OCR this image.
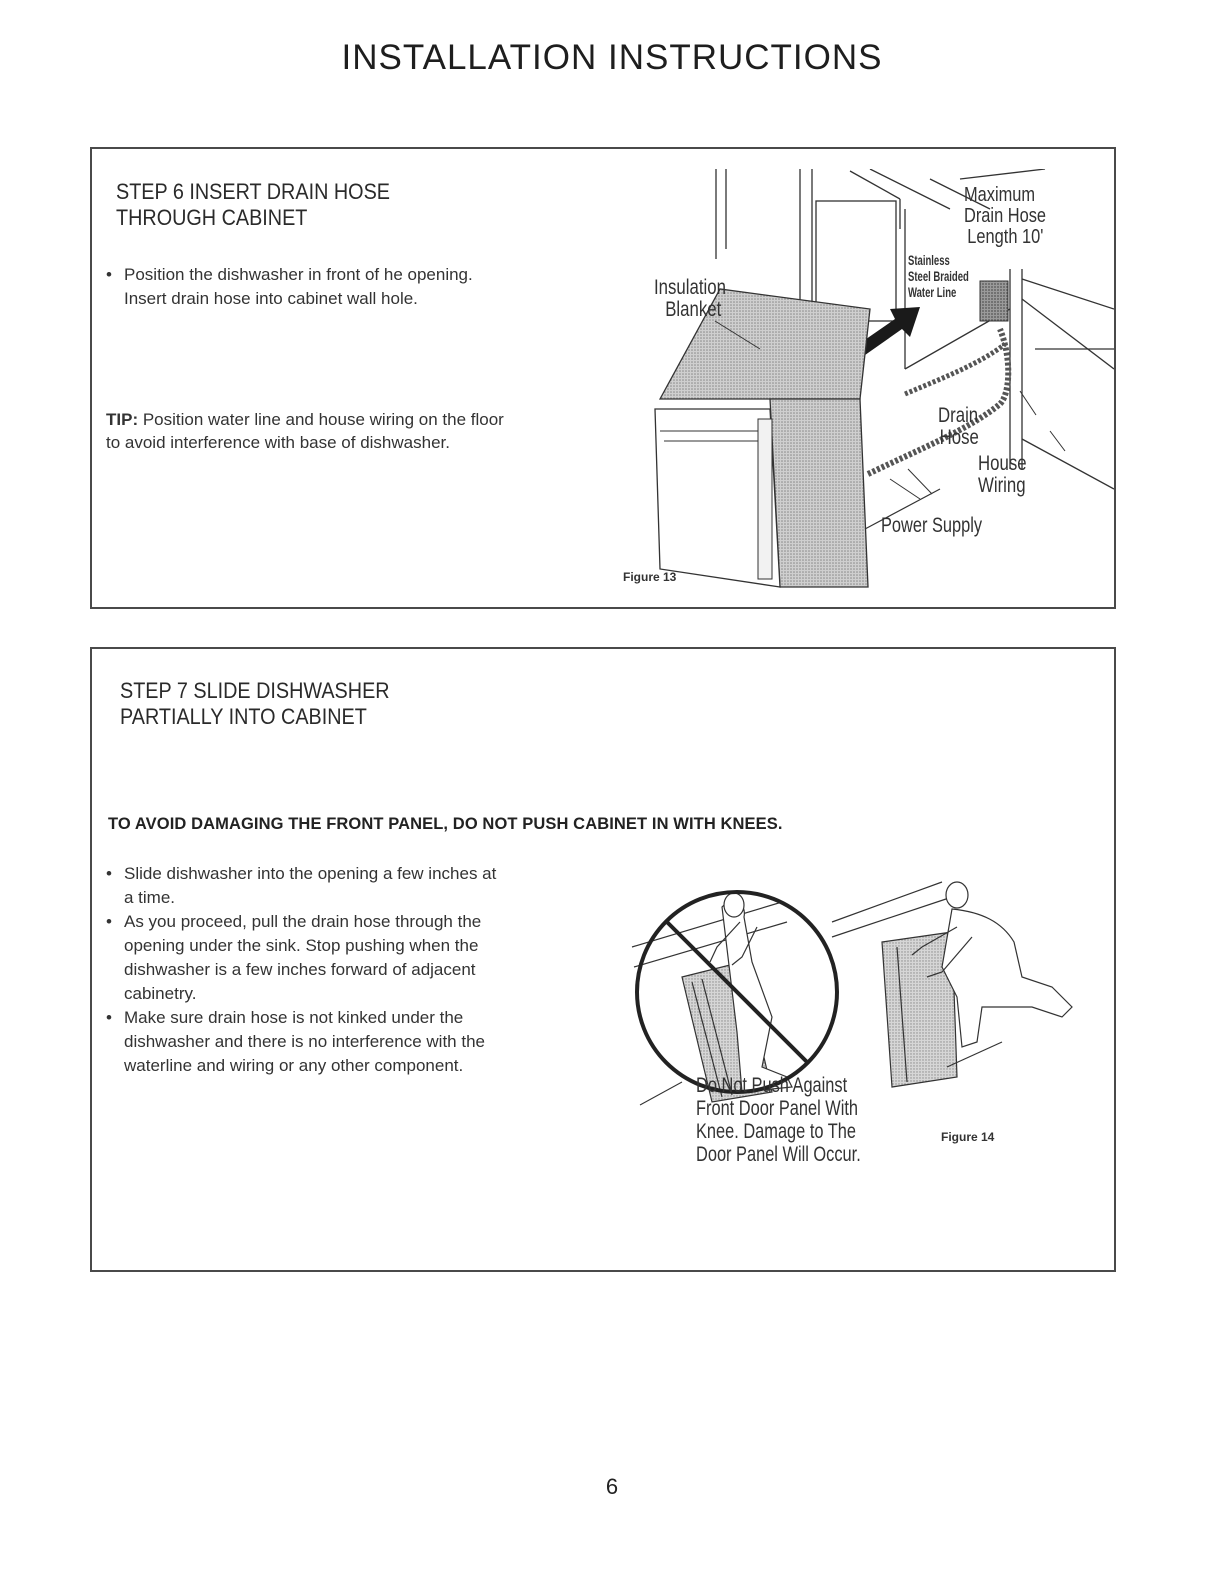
INSTALLATION INSTRUCTIONS
STEP 6 INSERT DRAIN HOSE
THROUGH CABINET
• Position the dishwasher in front of he opening.
Insert drain hose into cabinet wall hole.
TIP: Position water line and house wiring on the floor
to avoid interference with base of dishwasher.
Maximum
Drain Hose
Length 10'
Stainless
Steel Braided
Water Line
Insulation
Blanket
Drain
Hose
House
Wiring
Power Supply
Figure 13
STEP 7 SLIDE DISHWASHER
PARTIALLY INTO CABINET
TO AVOID DAMAGING THE FRONT PANEL, DO NOT PUSH CABINET IN WITH KNEES.
• Slide dishwasher into the opening a few inches at
a time.
• As you proceed, pull the drain hose through the
opening under the sink. Stop pushing when the
dishwasher is a few inches forward of adjacent
cabinetry.
• Make sure drain hose is not kinked under the
dishwasher and there is no interference with the
waterline and wiring or any other component.
Do Not Push Against
Front Door Panel With
Knee. Damage to The
Door Panel Will Occur.
Figure 14
6
